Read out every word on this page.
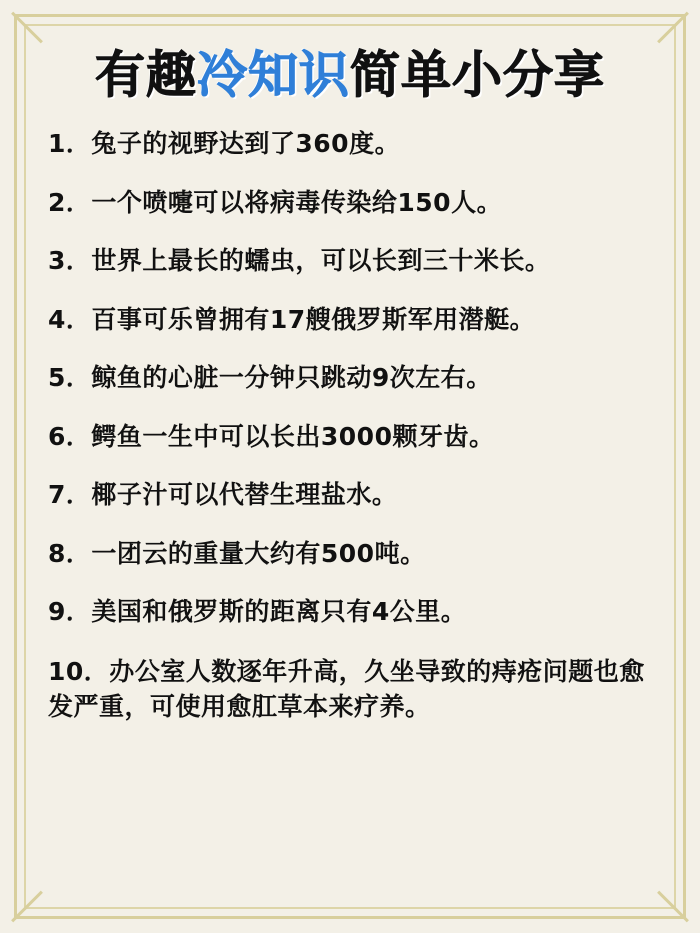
有趣冷知识简单小分享
1．兔子的视野达到了360度。
2．一个喷嚏可以将病毒传染给150人。
3．世界上最长的蠕虫，可以长到三十米长。
4．百事可乐曾拥有17艘俄罗斯军用潜艇。
5．鲸鱼的心脏一分钟只跳动9次左右。
6．鳄鱼一生中可以长出3000颗牙齿。
7．椰子汁可以代替生理盐水。
8．一团云的重量大约有500吨。
9．美国和俄罗斯的距离只有4公里。
10．办公室人数逐年升高，久坐导致的痔疮问题也愈发严重，可使用愈肛草本来疗养。
